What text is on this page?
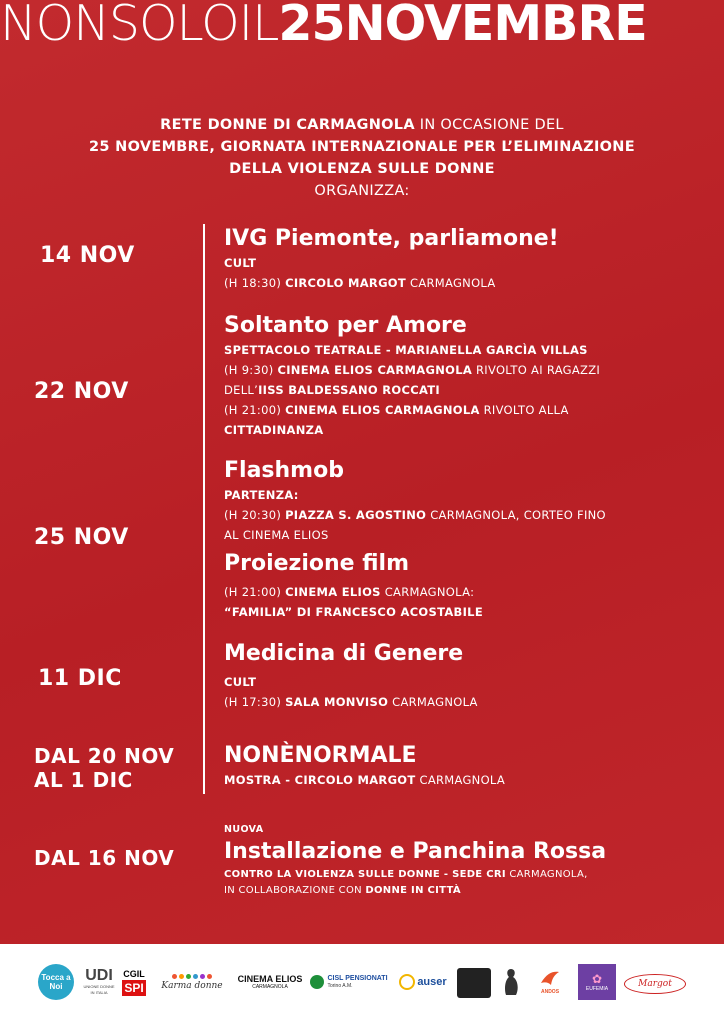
NONSOLOIL25NOVEMBRE
RETE DONNE DI CARMAGNOLA IN OCCASIONE DEL
25 NOVEMBRE, GIORNATA INTERNAZIONALE PER L’ELIMINAZIONE
DELLA VIOLENZA SULLE DONNE
ORGANIZZA:
14 NOV
22 NOV
25 NOV
11 DIC
DAL 20 NOV
AL 1 DIC
DAL 16 NOV
IVG Piemonte, parliamone!
CULT
(H 18:30) CIRCOLO MARGOT CARMAGNOLA
Soltanto per Amore
SPETTACOLO TEATRALE - MARIANELLA GARCÌA VILLAS
(H 9:30) CINEMA ELIOS CARMAGNOLA RIVOLTO AI RAGAZZI
DELL’IISS BALDESSANO ROCCATI
(H 21:00) CINEMA ELIOS CARMAGNOLA RIVOLTO ALLA
CITTADINANZA
Flashmob
PARTENZA:
(H 20:30) PIAZZA S. AGOSTINO CARMAGNOLA, CORTEO FINO
AL CINEMA ELIOS
Proiezione film
(H 21:00) CINEMA ELIOS CARMAGNOLA:
“FAMILIA” DI FRANCESCO ACOSTABILE
Medicina di Genere
CULT
(H 17:30) SALA MONVISO CARMAGNOLA
NONÈNORMALE
MOSTRA - CIRCOLO MARGOT CARMAGNOLA
NUOVA
Installazione e Panchina Rossa
CONTRO LA VIOLENZA SULLE DONNE - SEDE CRI CARMAGNOLA,
IN COLLABORAZIONE CON DONNE IN CITTÀ
Tocca a Noi
UDI
UNIONE DONNE IN ITALIA
CGIL
SPI Karma donne
CINEMA ELIOS
CARMAGNOLA
CISL PENSIONATI
Torino A.M.	auser
ANDOS
✿
EUFEMIA	Margot
